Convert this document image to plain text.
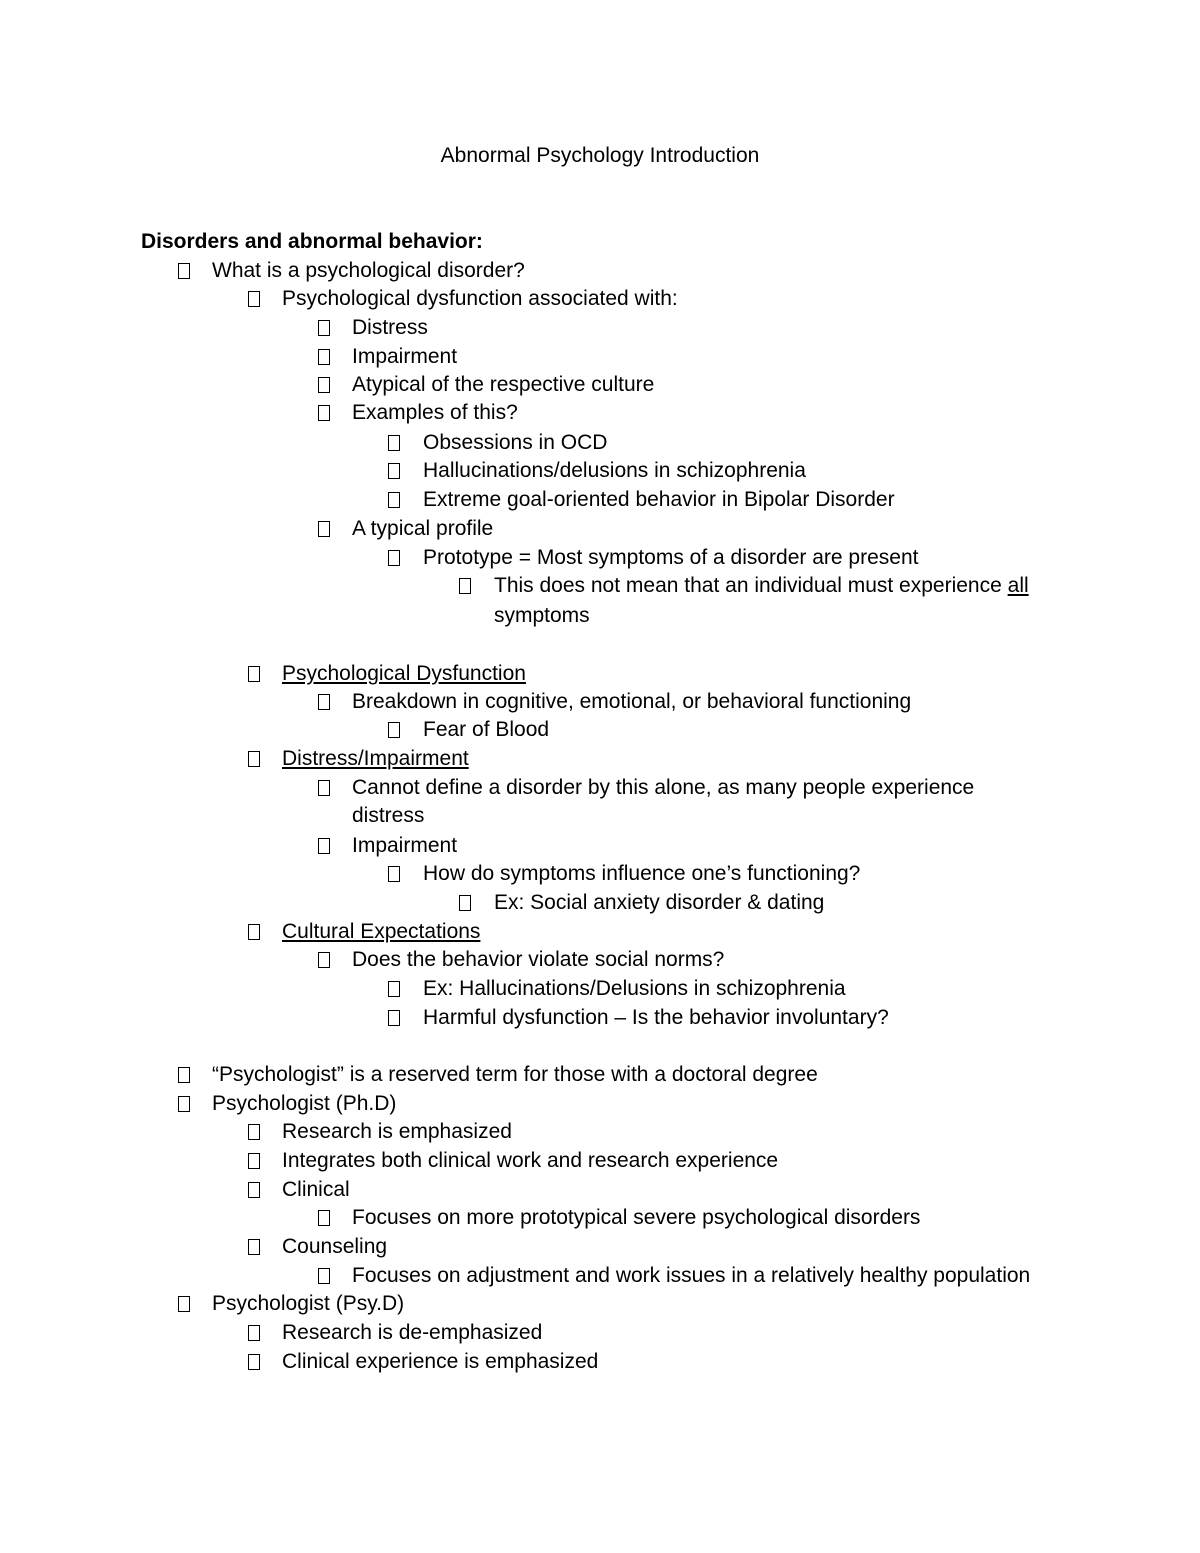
Abnormal Psychology Introduction
Disorders and abnormal behavior:
What is a psychological disorder?
Psychological dysfunction associated with:
Distress
Impairment
Atypical of the respective culture
Examples of this?
Obsessions in OCD
Hallucinations/delusions in schizophrenia
Extreme goal-oriented behavior in Bipolar Disorder
A typical profile
Prototype = Most symptoms of a disorder are present
This does not mean that an individual must experience all
symptoms
Psychological Dysfunction
Breakdown in cognitive, emotional, or behavioral functioning
Fear of Blood
Distress/Impairment
Cannot define a disorder by this alone, as many people experience
distress
Impairment
How do symptoms influence one’s functioning?
Ex: Social anxiety disorder & dating
Cultural Expectations
Does the behavior violate social norms?
Ex: Hallucinations/Delusions in schizophrenia
Harmful dysfunction – Is the behavior involuntary?
“Psychologist” is a reserved term for those with a doctoral degree
Psychologist (Ph.D)
Research is emphasized
Integrates both clinical work and research experience
Clinical
Focuses on more prototypical severe psychological disorders
Counseling
Focuses on adjustment and work issues in a relatively healthy population
Psychologist (Psy.D)
Research is de-emphasized
Clinical experience is emphasized
